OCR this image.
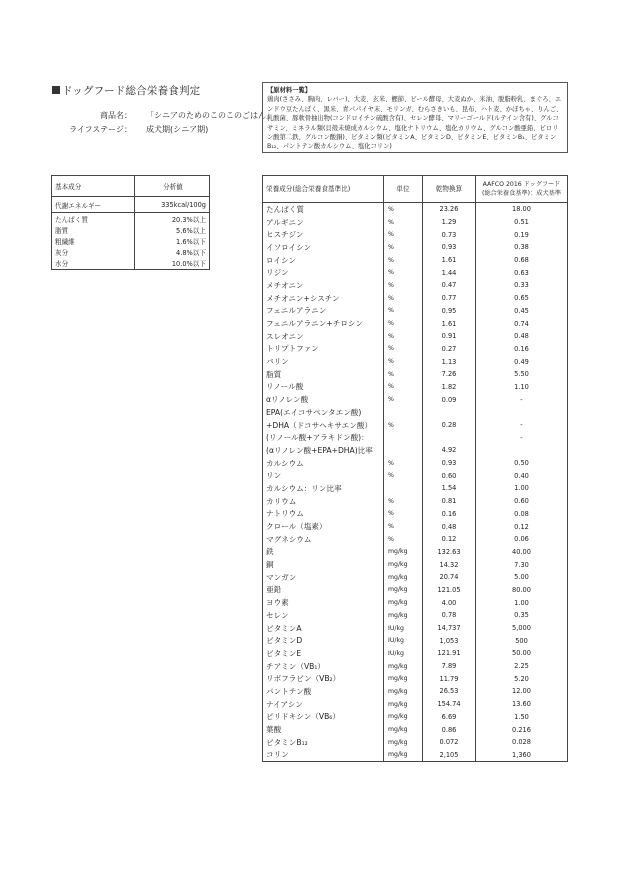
ドッグフード総合栄養食判定
商品名： 「シニアのためのこのこのごはん」
ライフステージ： 成犬期(シニア期)
【原材料一覧】
鶏肉(ささみ、胸肉、レバー)、大麦、玄米、鰹節、ビール酵母、大麦ぬか、米油、脱脂粉乳、まぐろ、エンドウ豆たんぱく、黒米、青パパイヤ末、モリンガ、むらさきいも、昆布、ハト麦、かぼちゃ、りんご、乳酸菌、豚軟骨抽出物(コンドロイチン硫酸含有)、セレン酵母、マリーゴールド(ルテイン含有)、グルコサミン、ミネラル類(貝殻未焼成カルシウム、塩化ナトリウム、塩化カリウム、グルコン酸亜鉛、ピロリン酸第二鉄、グルコン酸銅)、ビタミン類(ビタミンA、ビタミンD、ビタミンE、ビタミンB₁、ビタミンB₁₂、パントテン酸カルシウム、塩化コリン)
基本成分	分析値
代謝エネルギー	335kcal/100g
たんぱく質	20.3%以上
脂質	5.6%以上
粗繊維	1.6%以下
灰分	4.8%以下
水分	10.0%以下
栄養成分(総合栄養食基準比)	単位	乾物換算	AAFCO 2016 ドッグフード
(総合栄養食基準)：成犬基準
たんぱく質	%	23.26	18.00
アルギニン	%	1.29	0.51
ヒスチジン	%	0.73	0.19
イソロイシン	%	0.93	0.38
ロイシン	%	1.61	0.68
リジン	%	1.44	0.63
メチオニン	%	0.47	0.33
メチオニン+シスチン	%	0.77	0.65
フェニルアラニン	%	0.95	0.45
フェニルアラニン+チロシン	%	1.61	0.74
スレオニン	%	0.91	0.48
トリプトファン	%	0.27	0.16
バリン	%	1.13	0.49
脂質	%	7.26	5.50
リノール酸	%	1.82	1.10
αリノレン酸	%	0.09	-
EPA(エイコサペンタエン酸)			
+DHA（ドコサヘキサエン酸）	%	0.28	-
(リノール酸+アラキドン酸)：			-
(αリノレン酸+EPA+DHA)比率		4.92	
カルシウム	%	0.93	0.50
リン	%	0.60	0.40
カルシウム：リン比率		1.54	1.00
カリウム	%	0.81	0.60
ナトリウム	%	0.16	0.08
クロール（塩素）	%	0.48	0.12
マグネシウム	%	0.12	0.06
鉄	mg/kg	132.63	40.00
銅	mg/kg	14.32	7.30
マンガン	mg/kg	20.74	5.00
亜鉛	mg/kg	121.05	80.00
ヨウ素	mg/kg	4.00	1.00
セレン	mg/kg	0.78	0.35
ビタミンA	IU/kg	14,737	5,000
ビタミンD	IU/kg	1,053	500
ビタミンE	IU/kg	121.91	50.00
チアミン（VB₁）	mg/kg	7.89	2.25
リボフラビン（VB₂）	mg/kg	11.79	5.20
パントテン酸	mg/kg	26.53	12.00
ナイアシン	mg/kg	154.74	13.60
ピリドキシン（VB₆）	mg/kg	6.69	1.50
葉酸	mg/kg	0.86	0.216
ビタミンB₁₂	mg/kg	0.072	0.028
コリン	mg/kg	2,105	1,360
